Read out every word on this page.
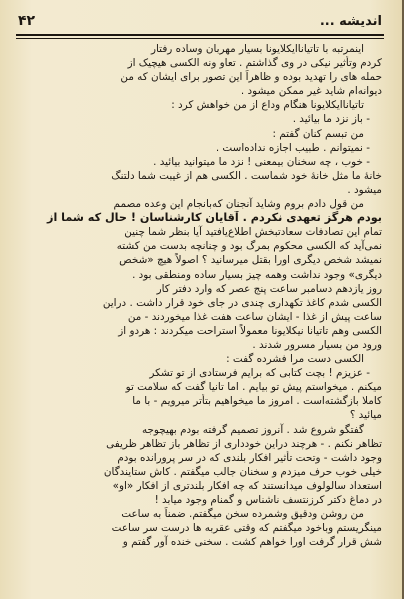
۴۲	اندیشه ...

اینمرتبه با تاتیاناایکلایونا بسیار مهربان وساده رفتار
کردم وتأثیر نیکی در وی گذاشتم . تعاو ونه الکسی هیچیک از
حمله های را تهدید بوده و ظاهراً این تصور برای ایشان که من
دیوانه‌ام شاید غیر ممکن میشود .

تاتیاناایکلایونا هنگام وداع از من خواهش کرد :

- باز نزد ما بیائید .

من تبسم کنان گفتم :

- نمیتوانم . طبیب اجازه نداده‌است .

- خوب ، چه سخنان بیمعنی ! نزد ما میتوانید بیائید .
خانهٔ ما مثل خانهٔ خود شماست . الکسی هم از غیبت شما دلتنگ
میشود .

من قول دادم بروم وشاید آنجنان که‌بانجام این وعده مصمم
بودم هرگز تعهدی نکردم . آقایان کارشناسان ! حال که شما از

تمام این تصادفات سعادتبخش اطلاع‌یافتید آیا بنظر شما چنین
نمی‌آید که الکسی محکوم بمرگ بود و چنانچه بدست من کشته
نمیشد شخص دیگری اورا بقتل میرسانید ؟ اصولاً هیچ «شخص
دیگری» وجود نداشت وهمه چیز بسیار ساده ومنطقی بود .
روز یازدهم دسامبر ساعت پنج عصر که وارد دفتر کار
الکسی شدم کاغذ تکهداری چندی در جای خود قرار داشت . دراین
ساعت پیش از غذا - ایشان ساعت هفت غذا میخوردند - من
الکسی وهم تاتیانا نیکلایونا معمولاً استراحت میکردند : هردو از
ورود من بسیار مسرور شدند .

الکسی دست مرا فشرده گفت :

- عزیزم ! بچت کتابی که برایم فرستادی از تو تشکر
میکنم . میخواستم پیش تو بیایم . اما تانیا گفت که سلامت تو
کاملا بازگشته‌است . امروز ما میخواهیم بتأتر میرویم - با ما
میائید ؟

گفتگو شروع شد . آنروز تصمیم گرفته بودم بهیچوجه
تظاهر نکنم . - هرچند دراین خودداری از تظاهر باز تظاهر ظریفی
وجود داشت - وتحت تأثیر افکار بلندی که در سر پرورانده بودم
خیلی خوب حرف میزدم و سخنان جالب میگفتم . کاش ستایندگان
استعداد سالولوف میدانستند که چه افکار بلندتری از افکار «او»
در دماغ دکتر کرزنتسف ناشناس و گمنام وجود میابد !

من روشن ودقیق وشمرده سخن میگفتم. ضمناً به ساعت
مینگریستم وباخود میگفتم که وقتی عقربه ها درست سر ساعت
شش قرار گرفت اورا خواهم کشت . سخنی خنده آور گفتم و
